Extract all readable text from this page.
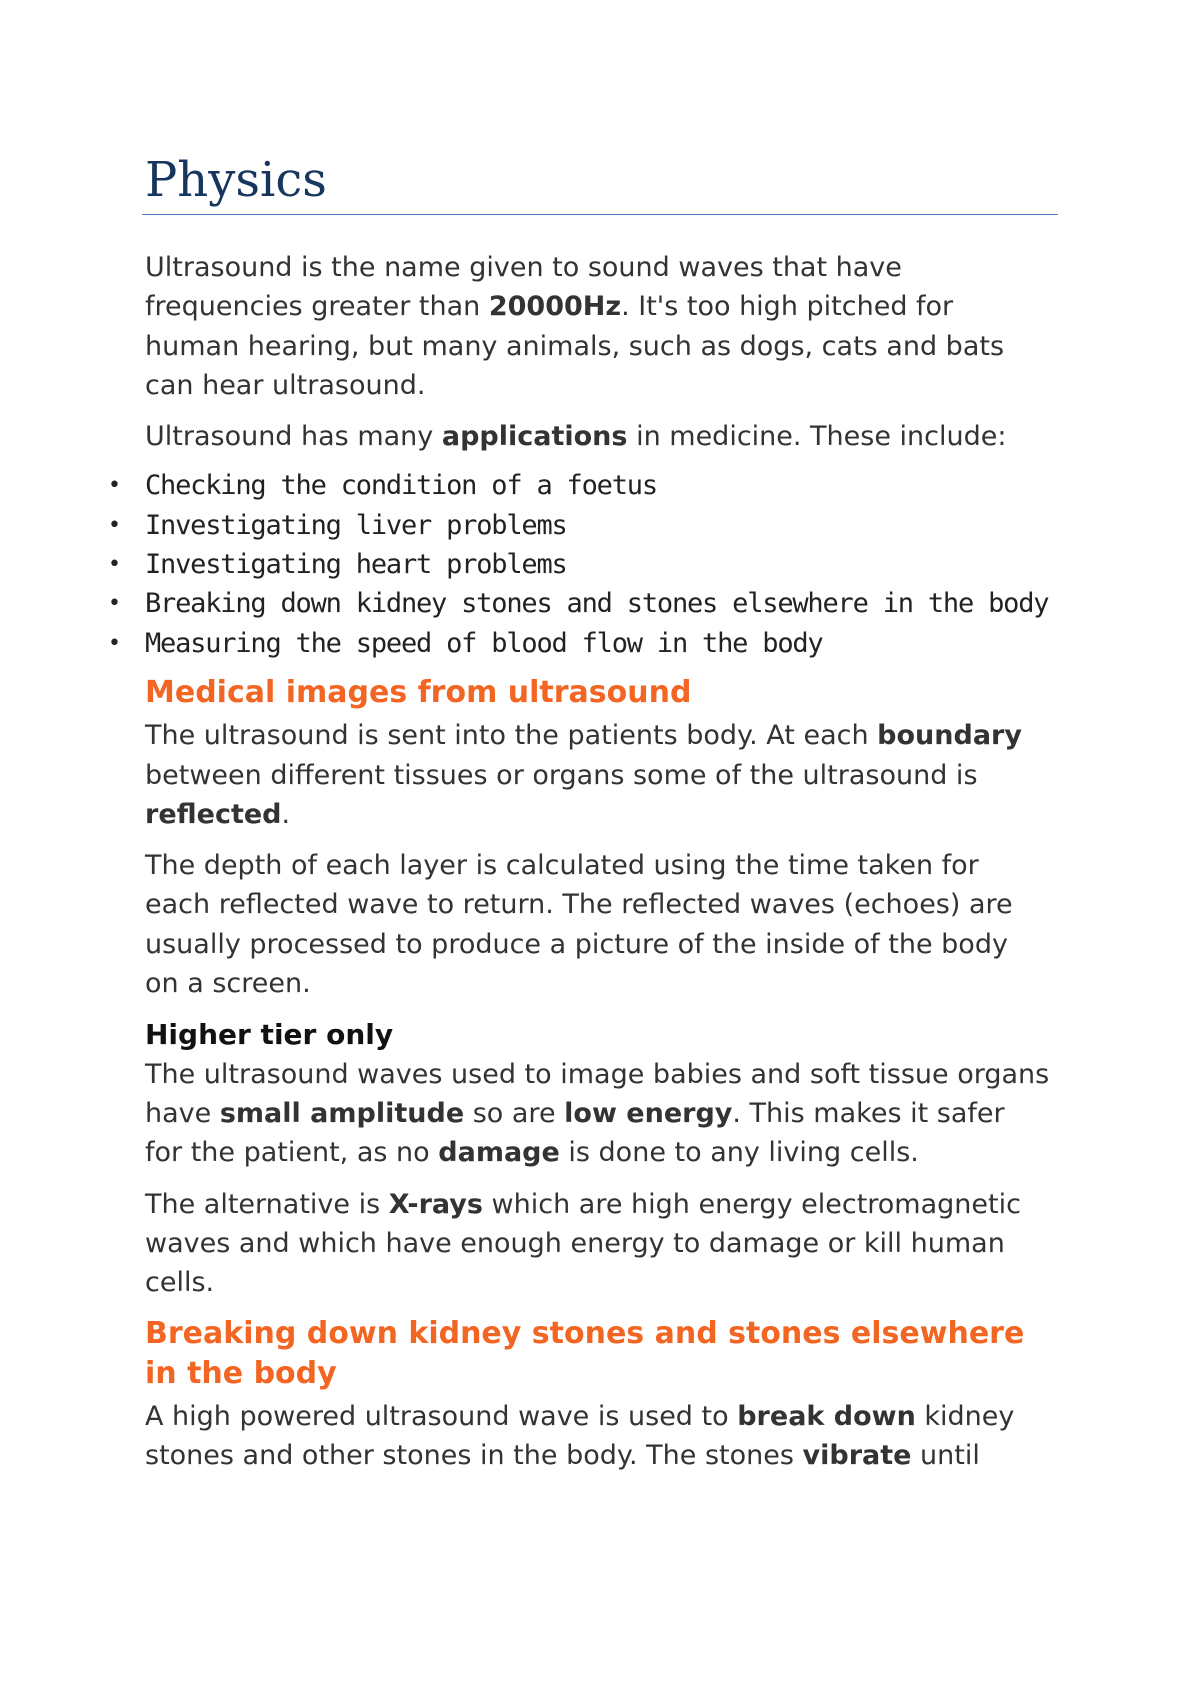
Physics

Ultrasound is the name given to sound waves that have frequencies greater than 20000Hz. It's too high pitched for human hearing, but many animals, such as dogs, cats and bats can hear ultrasound.

Ultrasound has many applications in medicine. These include:

• Checking the condition of a foetus
• Investigating liver problems
• Investigating heart problems
• Breaking down kidney stones and stones elsewhere in the body
• Measuring the speed of blood flow in the body
Medical images from ultrasound

The ultrasound is sent into the patients body. At each boundary between different tissues or organs some of the ultrasound is reflected.

The depth of each layer is calculated using the time taken for each reflected wave to return. The reflected waves (echoes) are usually processed to produce a picture of the inside of the body on a screen.

Higher tier only

The ultrasound waves used to image babies and soft tissue organs have small amplitude so are low energy. This makes it safer for the patient, as no damage is done to any living cells.

The alternative is X-rays which are high energy electromagnetic waves and which have enough energy to damage or kill human cells.

Breaking down kidney stones and stones elsewhere in the body

A high powered ultrasound wave is used to break down kidney stones and other stones in the body. The stones vibrate until
